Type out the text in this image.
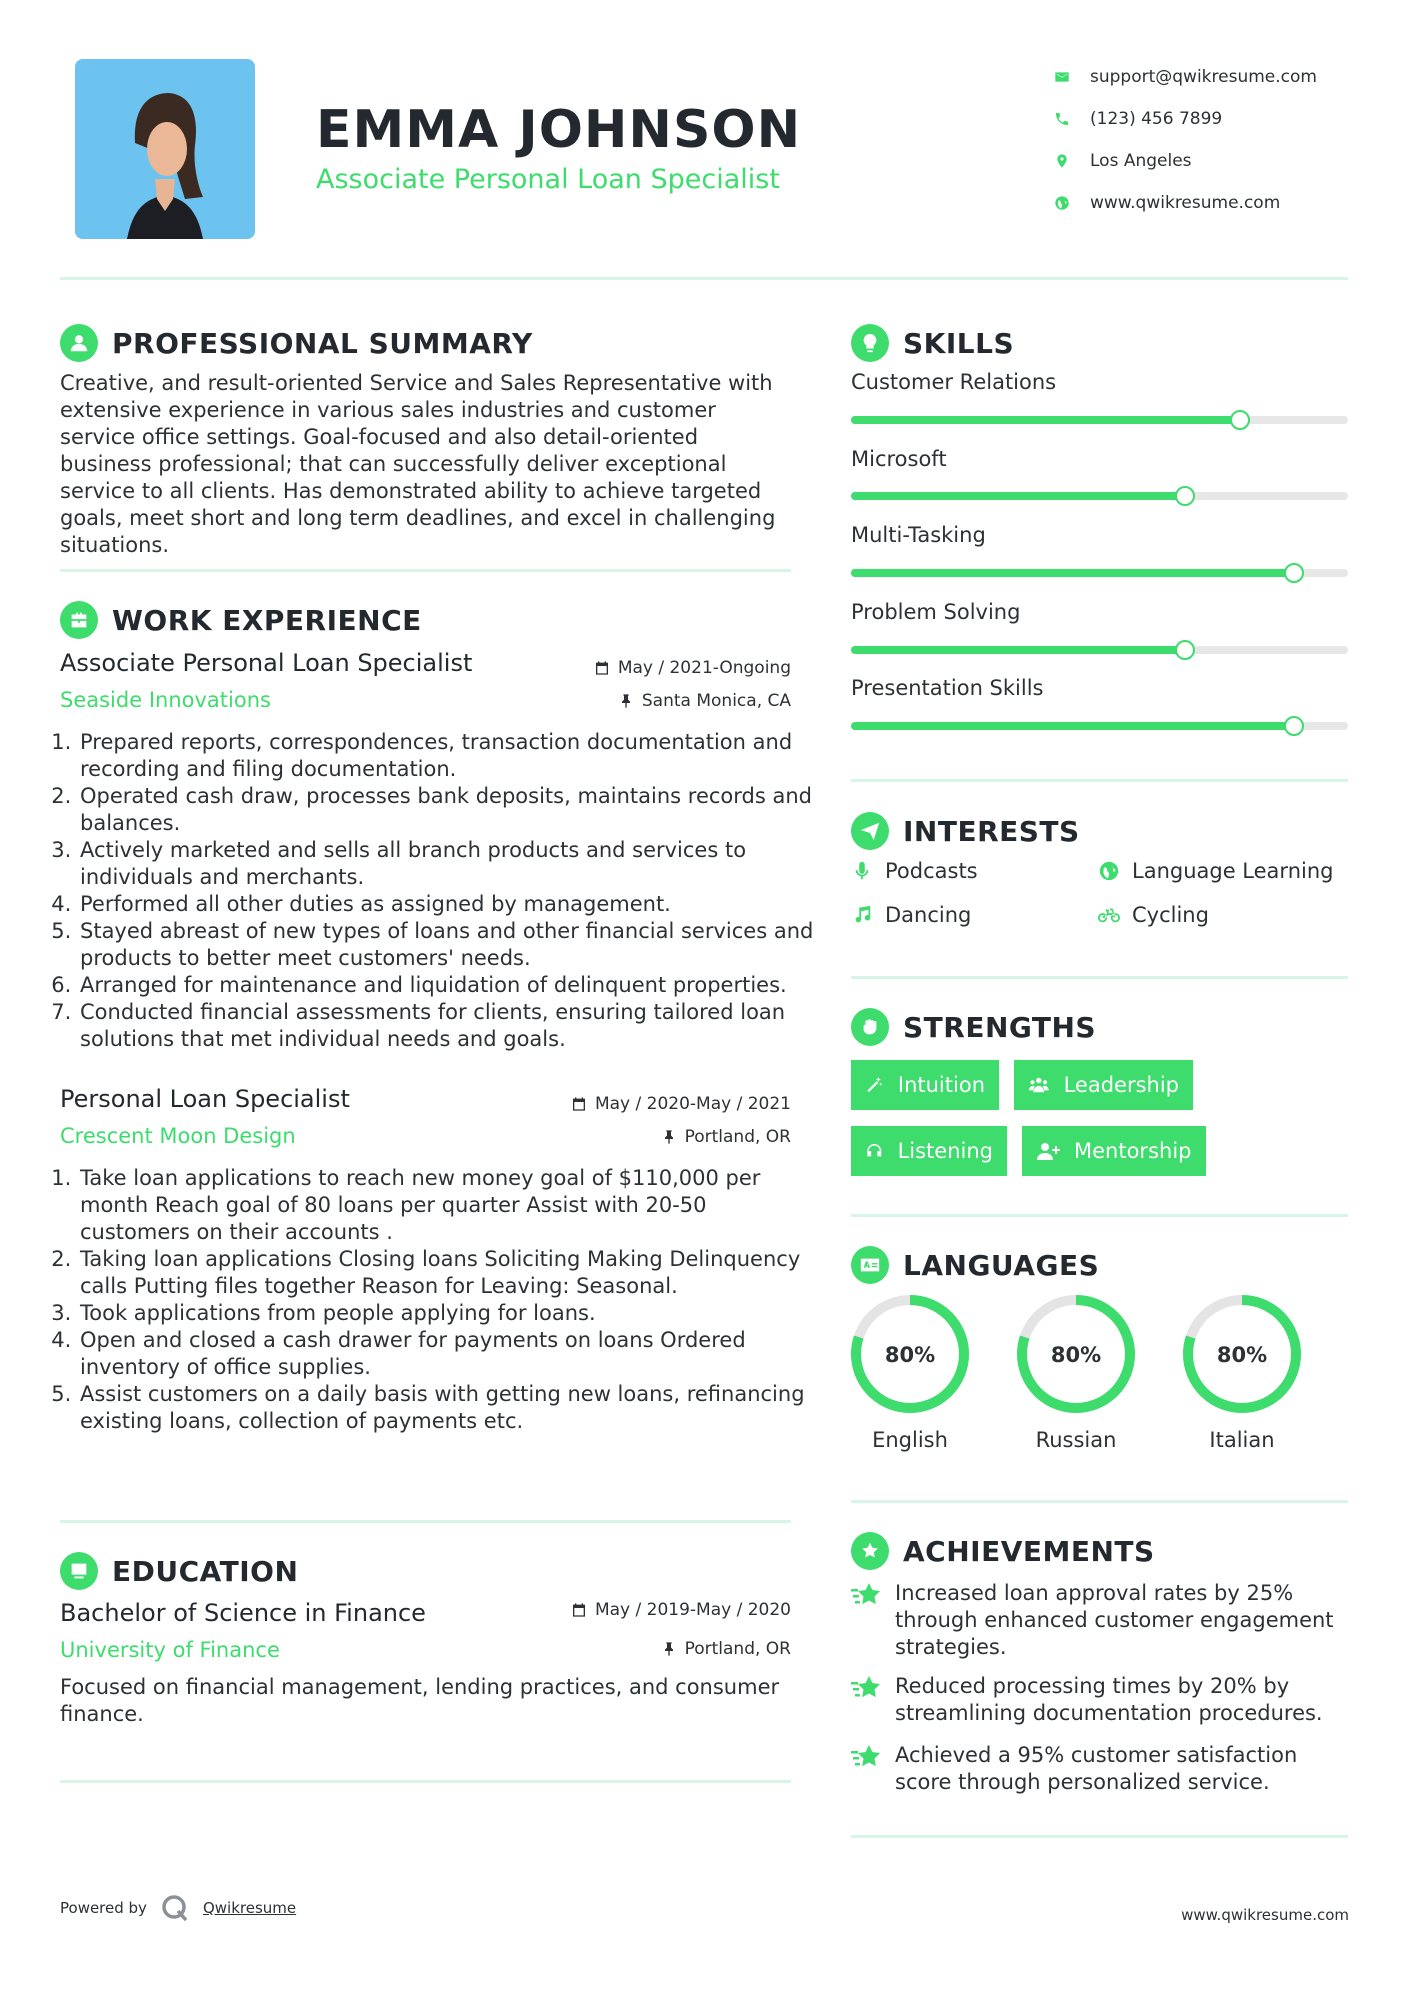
EMMA JOHNSON
Associate Personal Loan Specialist
support@qwikresume.com
(123) 456 7899
Los Angeles
www.qwikresume.com
PROFESSIONAL SUMMARY

Creative, and result-oriented Service and Sales Representative with extensive experience in various sales industries and customer service office settings. Goal-focused and also detail-oriented business professional; that can successfully deliver exceptional service to all clients. Has demonstrated ability to achieve targeted goals, meet short and long term deadlines, and excel in challenging situations.

WORK EXPERIENCE
Associate Personal Loan Specialist	May / 2021-Ongoing
Seaside Innovations	Santa Monica, CA
1. Prepared reports, correspondences, transaction documentation and recording and filing documentation.
2. Operated cash draw, processes bank deposits, maintains records and balances.
3. Actively marketed and sells all branch products and services to individuals and merchants.
4. Performed all other duties as assigned by management.
5. Stayed abreast of new types of loans and other financial services and products to better meet customers' needs.
6. Arranged for maintenance and liquidation of delinquent properties.
7. Conducted financial assessments for clients, ensuring tailored loan solutions that met individual needs and goals.
Personal Loan Specialist	May / 2020-May / 2021
Crescent Moon Design	Portland, OR
1. Take loan applications to reach new money goal of $110,000 per month Reach goal of 80 loans per quarter Assist with 20-50 customers on their accounts .
2. Taking loan applications Closing loans Soliciting Making Delinquency calls Putting files together Reason for Leaving: Seasonal.
3. Took applications from people applying for loans.
4. Open and closed a cash drawer for payments on loans Ordered inventory of office supplies.
5. Assist customers on a daily basis with getting new loans, refinancing existing loans, collection of payments etc.
EDUCATION
Bachelor of Science in Finance	May / 2019-May / 2020
University of Finance	Portland, OR

Focused on financial management, lending practices, and consumer finance.

SKILLS
Customer Relations
Microsoft
Multi-Tasking
Problem Solving
Presentation Skills
INTERESTS
Podcasts	Language Learning
Dancing	Cycling
STRENGTHS
Intuition	Leadership
Listening	Mentorship
LANGUAGES
80%
English
80%
Russian
80%
Italian
ACHIEVEMENTS
Increased loan approval rates by 25% through enhanced customer engagement strategies.
Reduced processing times by 20% by streamlining documentation procedures.
Achieved a 95% customer satisfaction score through personalized service.
Powered by	Qwikresume	www.qwikresume.com
